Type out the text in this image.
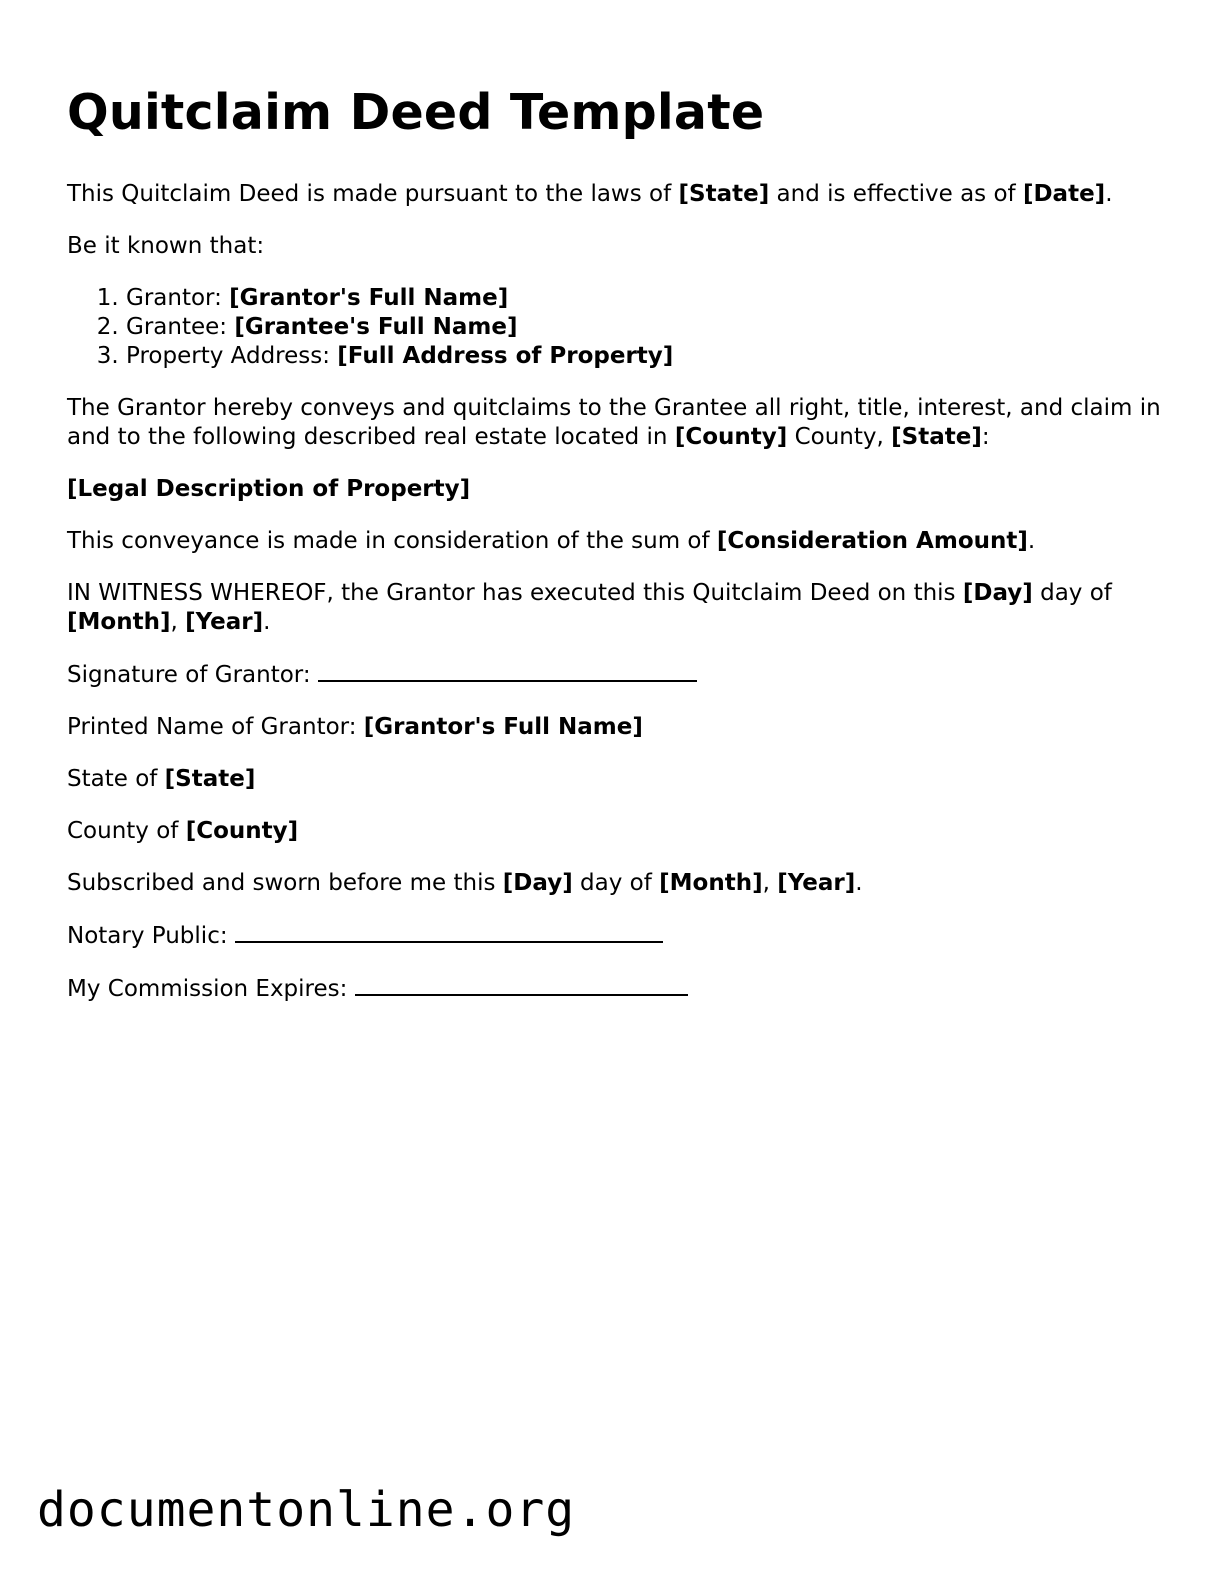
Quitclaim Deed Template

This Quitclaim Deed is made pursuant to the laws of [State] and is effective as of [Date].

Be it known that:

1. Grantor: [Grantor's Full Name]
2. Grantee: [Grantee's Full Name]
3. Property Address: [Full Address of Property]

The Grantor hereby conveys and quitclaims to the Grantee all right, title, interest, and claim in and to the following described real estate located in [County] County, [State]:

[Legal Description of Property]

This conveyance is made in consideration of the sum of [Consideration Amount].

IN WITNESS WHEREOF, the Grantor has executed this Quitclaim Deed on this [Day] day of [Month], [Year].

Signature of Grantor:

Printed Name of Grantor: [Grantor's Full Name]

State of [State]

County of [County]

Subscribed and sworn before me this [Day] day of [Month], [Year].

Notary Public:

My Commission Expires:

documentonline.org
